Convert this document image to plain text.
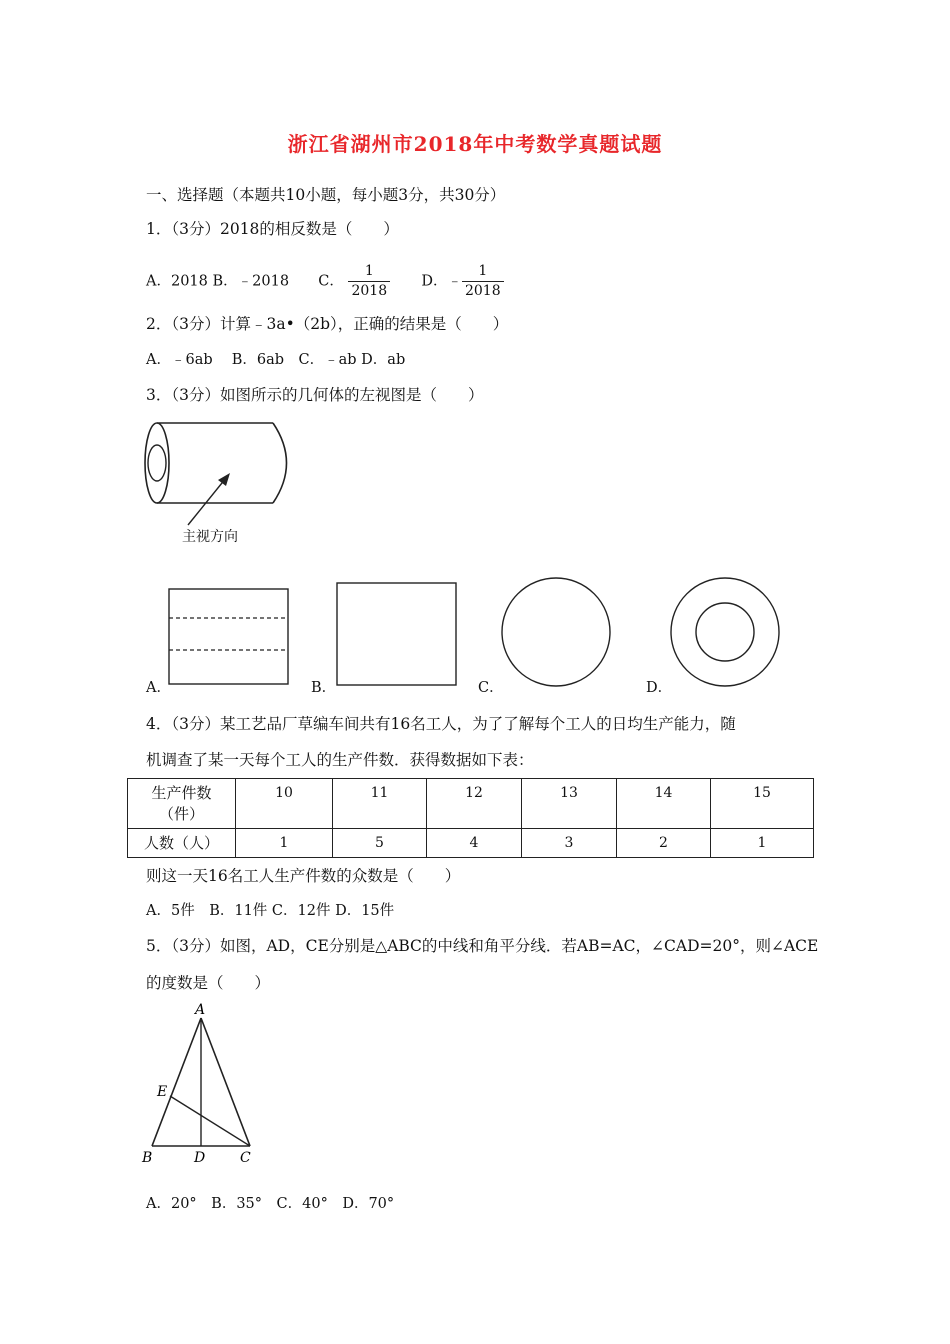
浙江省湖州市2018年中考数学真题试题
一、选择题（本题共10小题，每小题3分，共30分）
1．（3分）2018的相反数是（　　）
A．2018 B．﹣2018 C． $\frac{1}{2018}$ D．﹣ $\frac{1}{2018}$
2．（3分）计算﹣3a•（2b），正确的结果是（　　）
A．﹣6ab　 B．6ab　C．﹣ab D．ab
3．（3分）如图所示的几何体的左视图是（　　）
主视方向
A．	B．	C．	D．
4．（3分）某工艺品厂草编车间共有16名工人，为了了解每个工人的日均生产能力，随
机调查了某一天每个工人的生产件数．获得数据如下表：
生产件数
（件）	10	11	12	13	14	15
人数（人）	1	5	4	3	2	1
则这一天16名工人生产件数的众数是（　　）
A．5件　B．11件 C．12件 D．15件
5．（3分）如图，AD，CE分别是△ABC的中线和角平分线．若AB=AC，∠CAD=20°，则∠ACE
的度数是（　　）
A
B	D C
E
A．20°　B．35°　C．40°　D．70°
